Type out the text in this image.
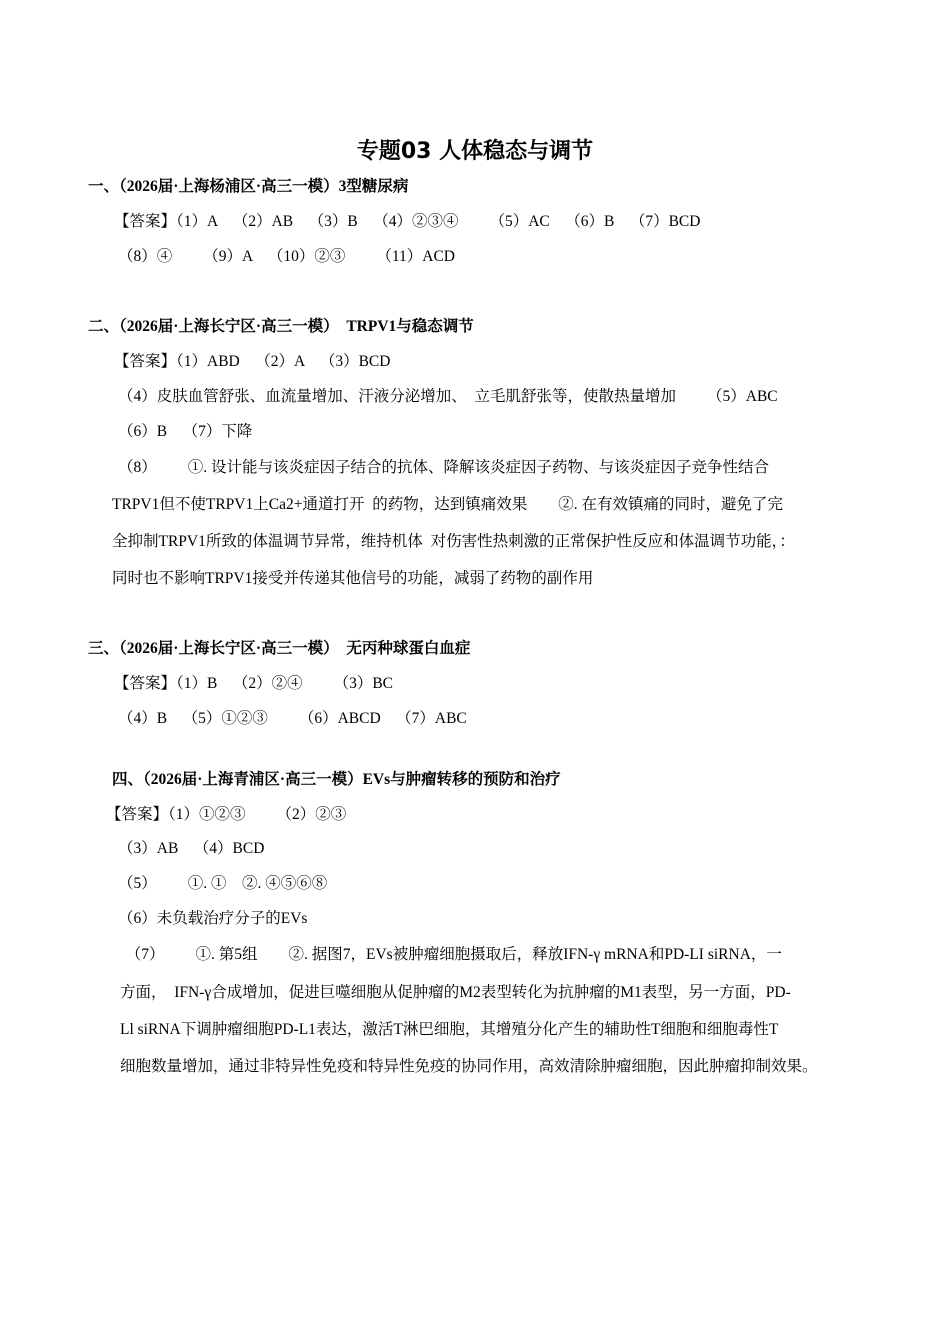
专题03 人体稳态与调节
一、（2026届·上海杨浦区·高三一模）3型糖尿病
【答案】（1）A    （2）AB    （3）B    （4）②③④        （5）AC    （6）B    （7）BCD
（8）④        （9）A    （10）②③        （11）ACD
二、（2026届·上海长宁区·高三一模）  TRPV1与稳态调节
【答案】（1）ABD    （2）A    （3）BCD
（4）皮肤血管舒张、血流量增加、汗液分泌增加、  立毛肌舒张等，使散热量增加        （5）ABC
（6）B    （7）下降
（8）        ①. 设计能与该炎症因子结合的抗体、降解该炎症因子药物、与该炎症因子竞争性结合
TRPV1但不使TRPV1上Ca2+通道打开  的药物，达到镇痛效果        ②. 在有效镇痛的同时，避免了完
全抑制TRPV1所致的体温调节异常，维持机体  对伤害性热刺激的正常保护性反应和体温调节功能，：
同时也不影响TRPV1接受并传递其他信号的功能，减弱了药物的副作用
三、（2026届·上海长宁区·高三一模）  无丙种球蛋白血症
【答案】（1）B    （2）②④        （3）BC
（4）B    （5）①②③        （6）ABCD    （7）ABC
四、（2026届·上海青浦区·高三一模）EVs与肿瘤转移的预防和治疗
【答案】（1）①②③        （2）②③
（3）AB    （4）BCD
（5）        ①. ①    ②. ④⑤⑥⑧
（6）未负载治疗分子的EVs
（7）        ①. 第5组        ②. 据图7，EVs被肿瘤细胞摄取后，释放IFN-γ mRNA和PD-LI siRNA，一
方面，  IFN-γ合成增加，促进巨噬细胞从促肿瘤的M2表型转化为抗肿瘤的M1表型，另一方面，PD-
Ll siRNA下调肿瘤细胞PD-L1表达，激活T淋巴细胞，其增殖分化产生的辅助性T细胞和细胞毒性T
细胞数量增加，通过非特异性免疫和特异性免疫的协同作用，高效清除肿瘤细胞，因此肿瘤抑制效果。
